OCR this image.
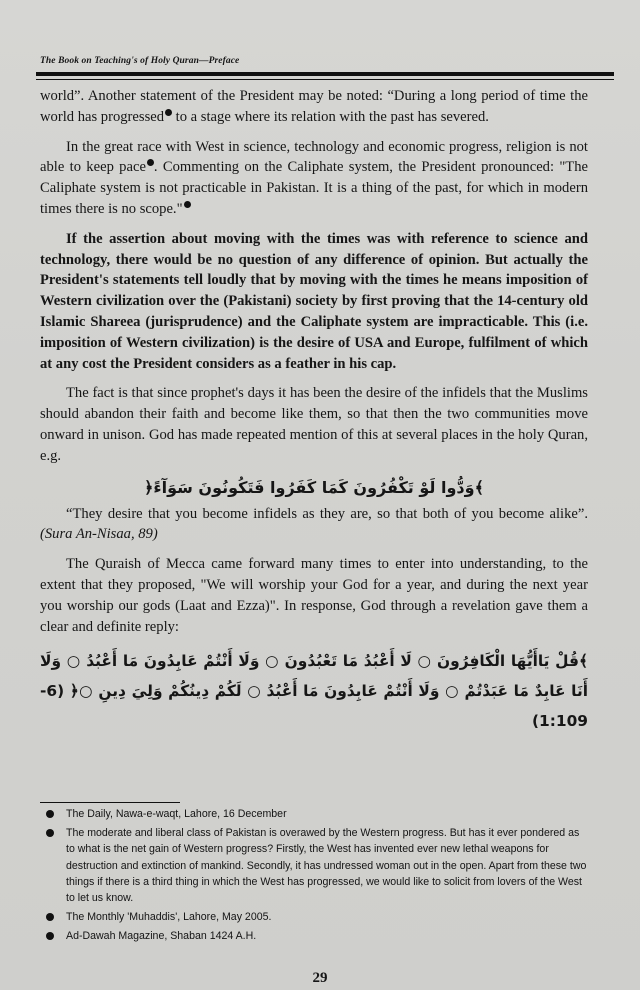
The Book on Teaching's of Holy Quran—Preface

world”. Another statement of the President may be noted: “During a long period of time the world has progressed to a stage where its relation with the past has severed.

In the great race with West in science, technology and economic progress, religion is not able to keep pace . Commenting on the Caliphate system, the President pronounced: "The Caliphate system is not practicable in Pakistan. It is a thing of the past, for which in modern times there is no scope."

If the assertion about moving with the times was with reference to science and technology, there would be no question of any difference of opinion. But actually the President's statements tell loudly that by moving with the times he means imposition of Western civilization over the (Pakistani) society by first proving that the 14-century old Islamic Shareea (jurisprudence) and the Caliphate system are impracticable. This (i.e. imposition of Western civilization) is the desire of USA and Europe, fulfilment of which at any cost the President considers as a feather in his cap.

The fact is that since prophet's days it has been the desire of the infidels that the Muslims should abandon their faith and become like them, so that then the two communities move onward in unison. God has made repeated mention of this at several places in the holy Quran, e.g.

﴾وَدُّوا لَوْ تَكْفُرُونَ كَمَا كَفَرُوا فَتَكُونُونَ سَوَآءً﴿

“They desire that you become infidels as they are, so that both of you become alike”. (Sura An-Nisaa, 89)

The Quraish of Mecca came forward many times to enter into understanding, to the extent that they proposed, "We will worship your God for a year, and during the next year you worship our gods (Laat and Ezza)". In response, God through a revelation gave them a clear and definite reply:

﴾قُلْ يَاأَيُّهَا الْكَافِرُونَ ○ لَا أَعْبُدُ مَا تَعْبُدُونَ ○ وَلَا أَنْتُمْ عَابِدُونَ مَا أَعْبُدُ ○ وَلَا أَنَا عَابِدٌ مَا عَبَدْتُمْ ○ وَلَا أَنْتُمْ عَابِدُونَ مَا أَعْبُدُ ○ لَكُمْ دِينُكُمْ وَلِيَ دِينِ ○﴿ (6-1:109)
The Daily, Nawa-e-waqt, Lahore, 16 December
The moderate and liberal class of Pakistan is overawed by the Western progress. But has it ever pondered as to what is the net gain of Western progress? Firstly, the West has invented ever new lethal weapons for destruction and extinction of mankind. Secondly, it has undressed woman out in the open. Apart from these two things if there is a third thing in which the West has progressed, we would like to solicit from lovers of the West to let us know.
The Monthly 'Muhaddis', Lahore, May 2005.
Ad-Dawah Magazine, Shaban 1424 A.H.
29
